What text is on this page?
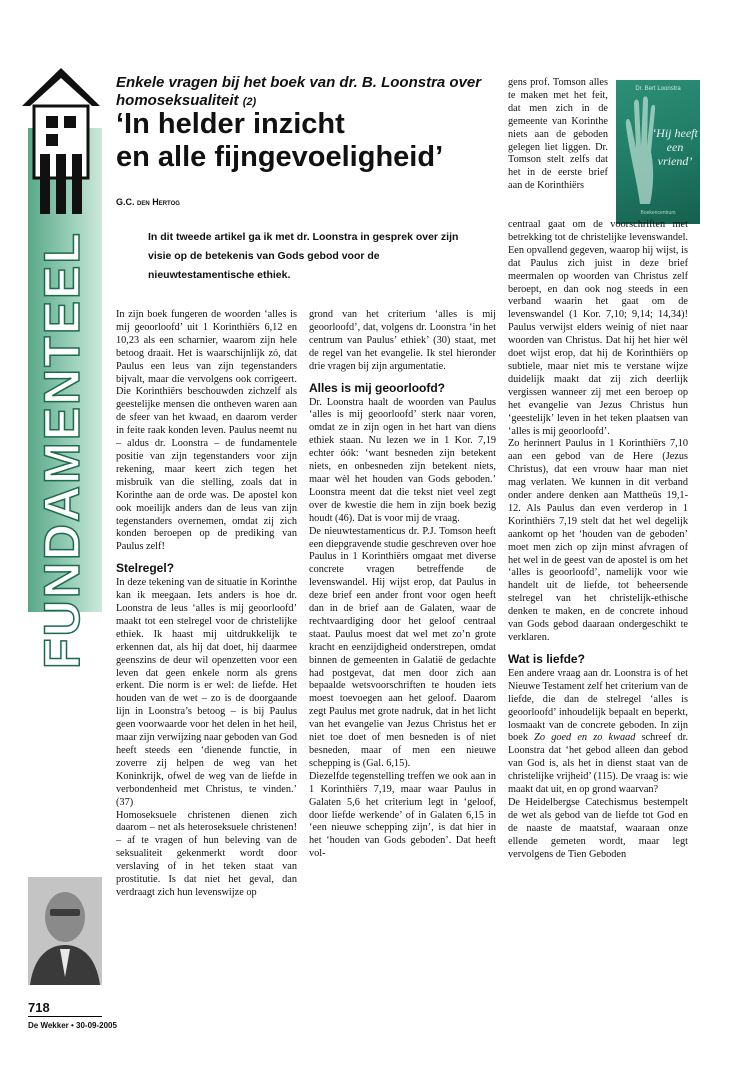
FUNDAMENTEEL
718
De Wekker • 30-09-2005
Enkele vragen bij het boek van dr. B. Loonstra over homoseksualiteit (2)
‘In helder inzicht
en alle fijngevoeligheid’
G.C. den Hertog

In dit tweede artikel ga ik met dr. Loonstra in gesprek over zijn visie op de betekenis van Gods gebod voor de nieuwtestamentische ethiek.

Dr. Bert Loonstra
‘Hij heeft een vriend’
Boekencentrum

In zijn boek fungeren de woorden ‘alles is mij geoorloofd’ uit 1 Korinthiërs 6,12 en 10,23 als een scharnier, waarom zijn hele betoog draait. Het is waarschijnlijk zó, dat Paulus een leus van zijn tegenstanders bijvalt, maar die vervolgens ook corrigeert. Die Korinthiërs beschouwden zichzelf als geestelijke mensen die ontheven waren aan de sfeer van het kwaad, en daarom verder in feite raak konden leven. Paulus neemt nu – aldus dr. Loonstra – de fundamentele positie van zijn tegenstanders voor zijn rekening, maar keert zich tegen het misbruik van die stelling, zoals dat in Korinthe aan de orde was. De apostel kon ook moeilijk anders dan de leus van zijn tegenstanders overnemen, omdat zij zich konden beroepen op de prediking van Paulus zelf!

Stelregel?

In deze tekening van de situatie in Korinthe kan ik meegaan. Iets anders is hoe dr. Loonstra de leus ‘alles is mij geoorloofd’ maakt tot een stelregel voor de christelijke ethiek. Ik haast mij uitdrukkelijk te erkennen dat, als hij dat doet, hij daarmee geenszins de deur wil openzetten voor een leven dat geen enkele norm als grens erkent. Die norm is er wel: de liefde. Het houden van de wet – zo is de doorgaande lijn in Loonstra’s betoog – is bij Paulus geen voorwaarde voor het delen in het heil, maar zijn verwijzing naar geboden van God heeft steeds een ‘dienende functie, in zoverre zij helpen de weg van het Koninkrijk, ofwel de weg van de liefde in verbondenheid met Christus, te vinden.’ (37)

Homoseksuele christenen dienen zich daarom – net als heteroseksuele christenen! – af te vragen of hun beleving van de seksualiteit gekenmerkt wordt door verslaving of in het teken staat van prostitutie. Is dat niet het geval, dan verdraagt zich hun levenswijze op

grond van het criterium ‘alles is mij geoorloofd’, dat, volgens dr. Loonstra ‘in het centrum van Paulus’ ethiek’ (30) staat, met de regel van het evangelie. Ik stel hieronder drie vragen bij zijn argumentatie.

Alles is mij geoorloofd?

Dr. Loonstra haalt de woorden van Paulus ‘alles is mij geoorloofd’ sterk naar voren, omdat ze in zijn ogen in het hart van diens ethiek staan. Nu lezen we in 1 Kor. 7,19 echter óók: ‘want besneden zijn betekent niets, en onbesneden zijn betekent niets, maar wèl het houden van Gods geboden.’ Loonstra meent dat die tekst niet veel zegt over de kwestie die hem in zijn boek bezig houdt (46). Dat is voor mij de vraag.

De nieuwtestamenticus dr. P.J. Tomson heeft een diepgravende studie geschreven over hoe Paulus in 1 Korinthiërs omgaat met diverse concrete vragen betreffende de levenswandel. Hij wijst erop, dat Paulus in deze brief een ander front voor ogen heeft dan in de brief aan de Galaten, waar de rechtvaardiging door het geloof centraal staat. Paulus moest dat wel met zo’n grote kracht en eenzijdigheid onderstrepen, omdat binnen de gemeenten in Galatië de gedachte had postgevat, dat men door zich aan bepaalde wetsvoorschriften te houden iets moest toevoegen aan het geloof. Daarom zegt Paulus met grote nadruk, dat in het licht van het evangelie van Jezus Christus het er niet toe doet of men besneden is of niet besneden, maar of men een nieuwe schepping is (Gal. 6,15).

Diezelfde tegenstelling treffen we ook aan in 1 Korinthiërs 7,19, maar waar Paulus in Galaten 5,6 het criterium legt in ‘geloof, door liefde werkende’ of in Galaten 6,15 in ‘een nieuwe schepping zijn’, is dat hier in het ‘houden van Gods geboden’. Dat heeft vol-

gens prof. Tomson alles te maken met het feit, dat men zich in de gemeente van Korinthe niets aan de geboden gelegen liet liggen. Dr. Tomson stelt zelfs dat het in de eerste brief aan de Korinthiërs

centraal gaat om de voorschriften met betrekking tot de christelijke levenswandel. Een opvallend gegeven, waarop hij wijst, is dat Paulus zich juist in deze brief meermalen op woorden van Christus zelf beroept, en dan ook nog steeds in een verband waarin het gaat om de levenswandel (1 Kor. 7,10; 9,14; 14,34)! Paulus verwijst elders weinig of niet naar woorden van Christus. Dat hij het hier wèl doet wijst erop, dat hij de Korinthiërs op subtiele, maar niet mis te verstane wijze duidelijk maakt dat zij zich deerlijk vergissen wanneer zij met een beroep op het evangelie van Jezus Christus hun ‘geestelijk’ leven in het teken plaatsen van ‘alles is mij geoorloofd’.

Zo herinnert Paulus in 1 Korinthiërs 7,10 aan een gebod van de Here (Jezus Christus), dat een vrouw haar man niet mag verlaten. We kunnen in dit verband onder andere denken aan Mattheüs 19,1-12. Als Paulus dan even verderop in 1 Korinthiërs 7,19 stelt dat het wel degelijk aankomt op het ‘houden van de geboden’ moet men zich op zijn minst afvragen of het wel in de geest van de apostel is om het ‘alles is geoorloofd’, namelijk voor wie handelt uit de liefde, tot beheersende stelregel van het christelijk-ethische denken te maken, en de concrete inhoud van Gods gebod daaraan ondergeschikt te verklaren.

Wat is liefde?

Een andere vraag aan dr. Loonstra is of het Nieuwe Testament zelf het criterium van de liefde, die dan de stelregel ‘alles is geoorloofd’ inhoudelijk bepaalt en beperkt, losmaakt van de concrete geboden. In zijn boek Zo goed en zo kwaad schreef dr. Loonstra dat ‘het gebod alleen dan gebod van God is, als het in dienst staat van de christelijke vrijheid’ (115). De vraag is: wie maakt dat uit, en op grond waarvan?

De Heidelbergse Catechismus bestempelt de wet als gebod van de liefde tot God en de naaste de maatstaf, waaraan onze ellende gemeten wordt, maar legt vervolgens de Tien Geboden
